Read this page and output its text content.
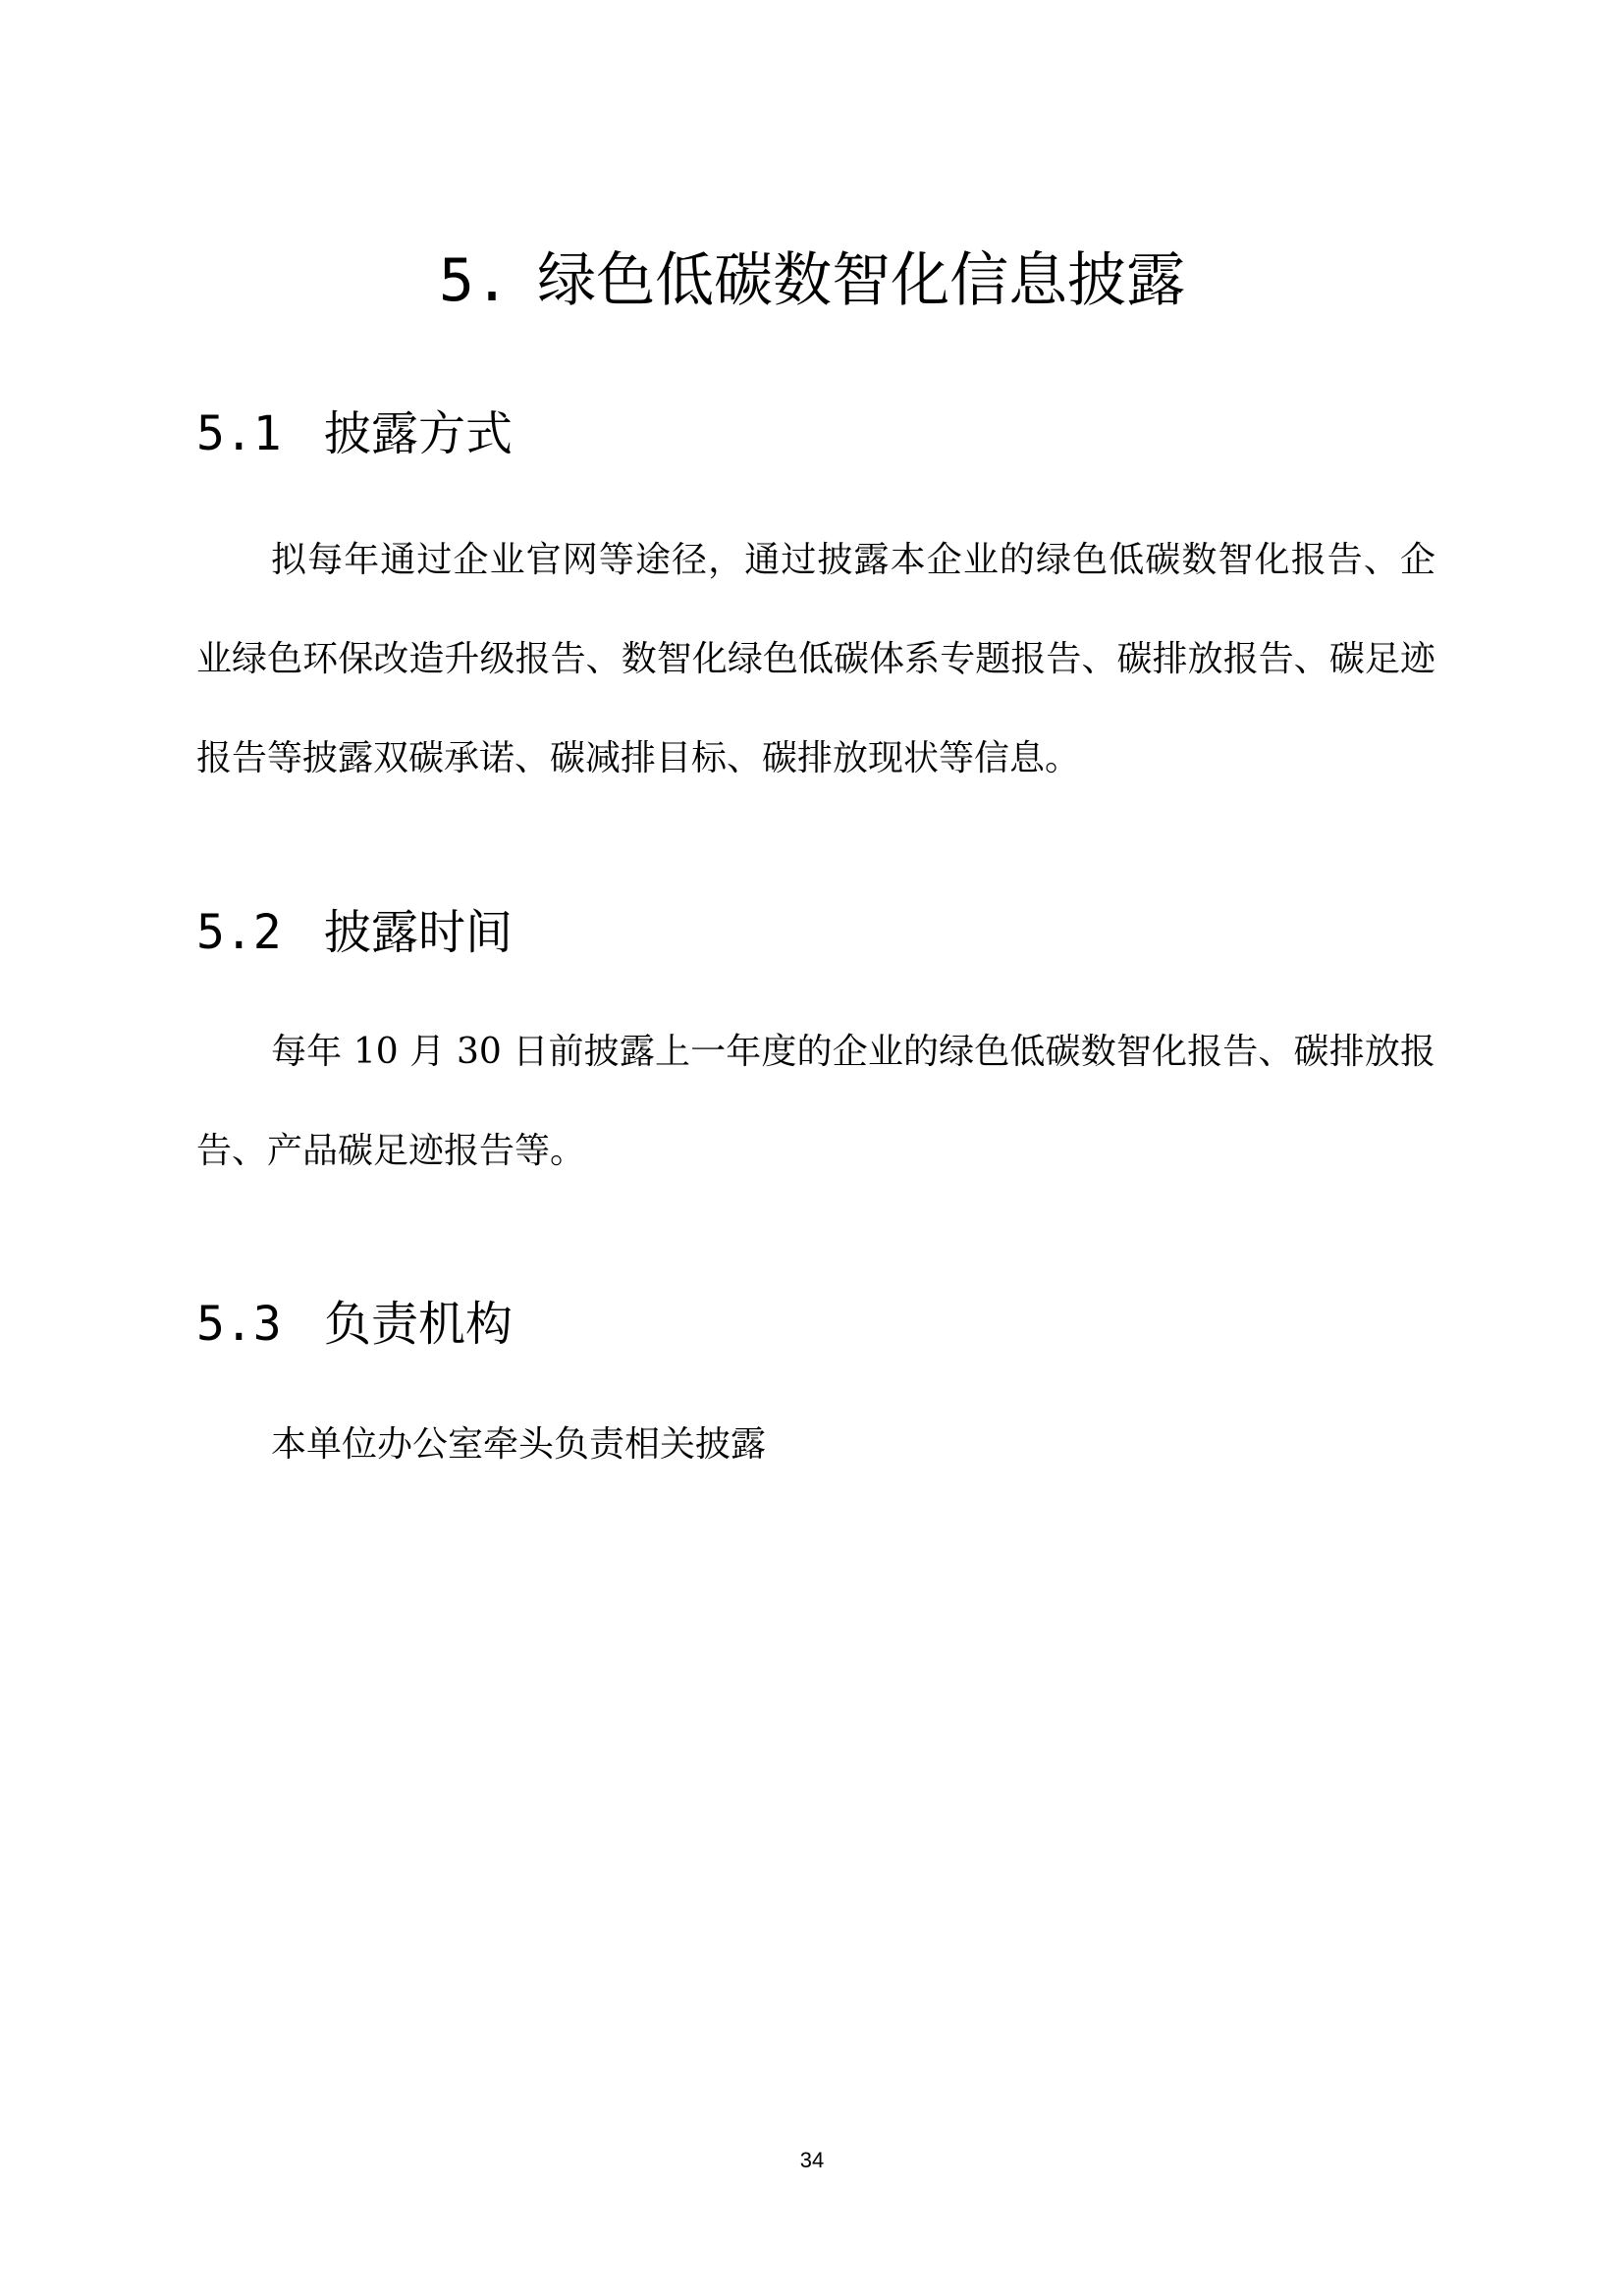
5. 绿色低碳数智化信息披露
5.1 披露方式

拟每年通过企业官网等途径，通过披露本企业的绿色低碳数智化报告、企业绿色环保改造升级报告、数智化绿色低碳体系专题报告、碳排放报告、碳足迹报告等披露双碳承诺、碳减排目标、碳排放现状等信息。

5.2 披露时间

每年 10 月 30 日前披露上一年度的企业的绿色低碳数智化报告、碳排放报告、产品碳足迹报告等。

5.3 负责机构

本单位办公室牵头负责相关披露

34
